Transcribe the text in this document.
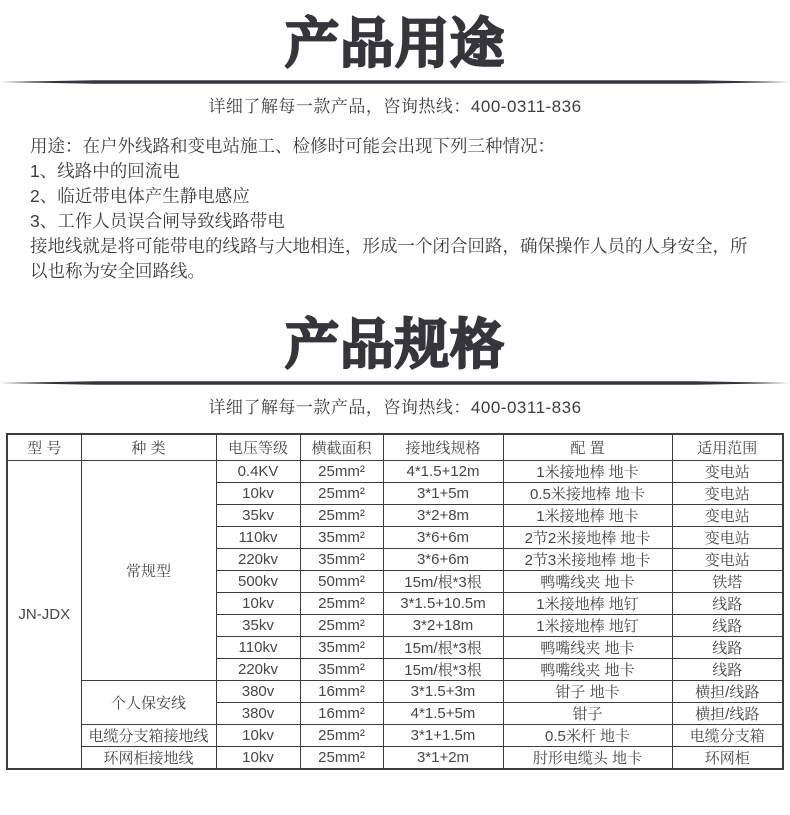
产品用途

详细了解每一款产品，咨询热线：400-0311-836

用途：在户外线路和变电站施工、检修时可能会出现下列三种情况：

1、线路中的回流电

2、临近带电体产生静电感应

3、工作人员误合闸导致线路带电

接地线就是将可能带电的线路与大地相连，形成一个闭合回路，确保操作人员的人身安全，所以也称为安全回路线。

产品规格

详细了解每一款产品，咨询热线：400-0311-836

型 号	种 类	电压等级	横截面积	接地线规格	配 置	适用范围
JN-JDX	常规型	0.4KV	25mm²	4*1.5+12m	1米接地棒 地卡	变电站
		10kv	25mm²	3*1+5m	0.5米接地棒 地卡	变电站
		35kv	25mm²	3*2+8m	1米接地棒 地卡	变电站
		110kv	35mm²	3*6+6m	2节2米接地棒 地卡	变电站
		220kv	35mm²	3*6+6m	2节3米接地棒 地卡	变电站
		500kv	50mm²	15m/根*3根	鸭嘴线夹 地卡	铁塔
		10kv	25mm²	3*1.5+10.5m	1米接地棒 地钉	线路
		35kv	25mm²	3*2+18m	1米接地棒 地钉	线路
		110kv	35mm²	15m/根*3根	鸭嘴线夹 地卡	线路
		220kv	35mm²	15m/根*3根	鸭嘴线夹 地卡	线路
	个人保安线	380v	16mm²	3*1.5+3m	钳子 地卡	横担/线路
		380v	16mm²	4*1.5+5m	钳子	横担/线路
	电缆分支箱接地线	10kv	25mm²	3*1+1.5m	0.5米杆 地卡	电缆分支箱
	环网柜接地线	10kv	25mm²	3*1+2m	肘形电缆头 地卡	环网柜
